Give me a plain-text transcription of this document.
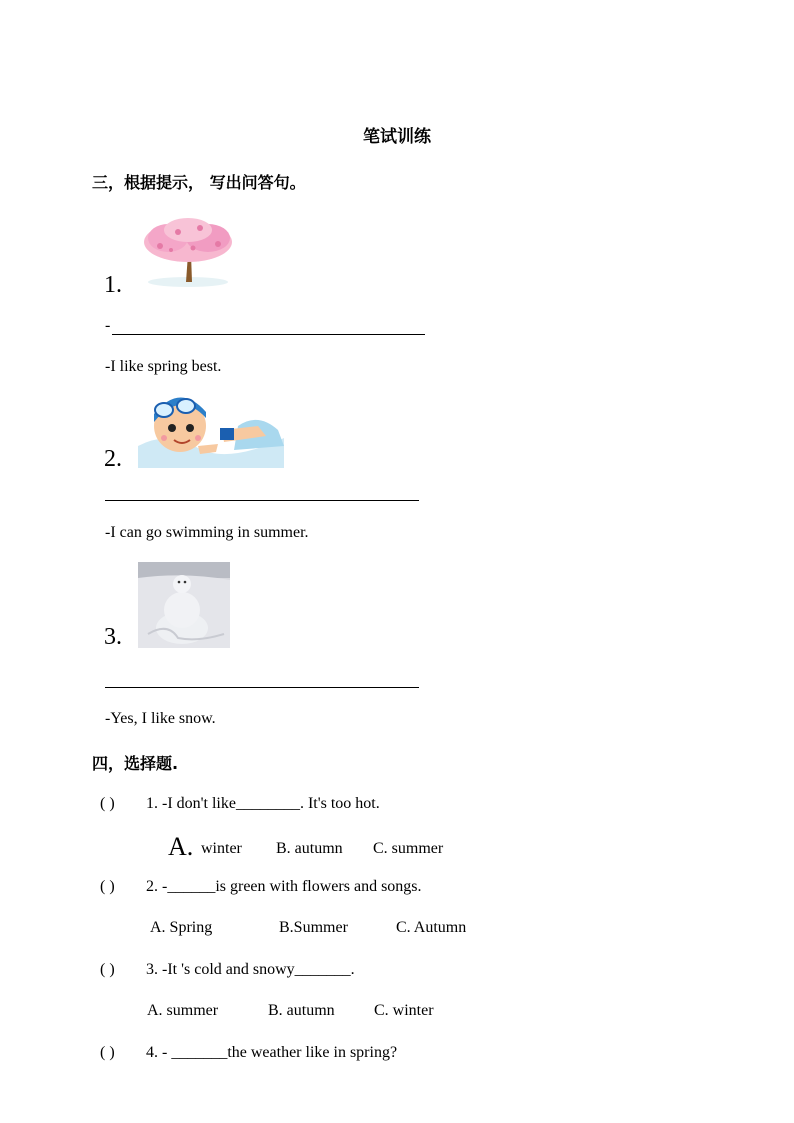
笔试训练
三，根据提示， 写出问答句。
1.
-
-I like spring best.
2.
-I can go swimming in summer.
3.
-Yes, I like snow.
四，选择题.
( ) 1. -I don't like________. It's too hot.
A. winter B. autumn C. summer
( ) 2. -______is green with flowers and songs.
A. Spring	B.Summer	C. Autumn
( ) 3. -It 's cold and snowy_______.
A. summer	B. autumn C. winter
( ) 4. - _______the weather like in spring?
